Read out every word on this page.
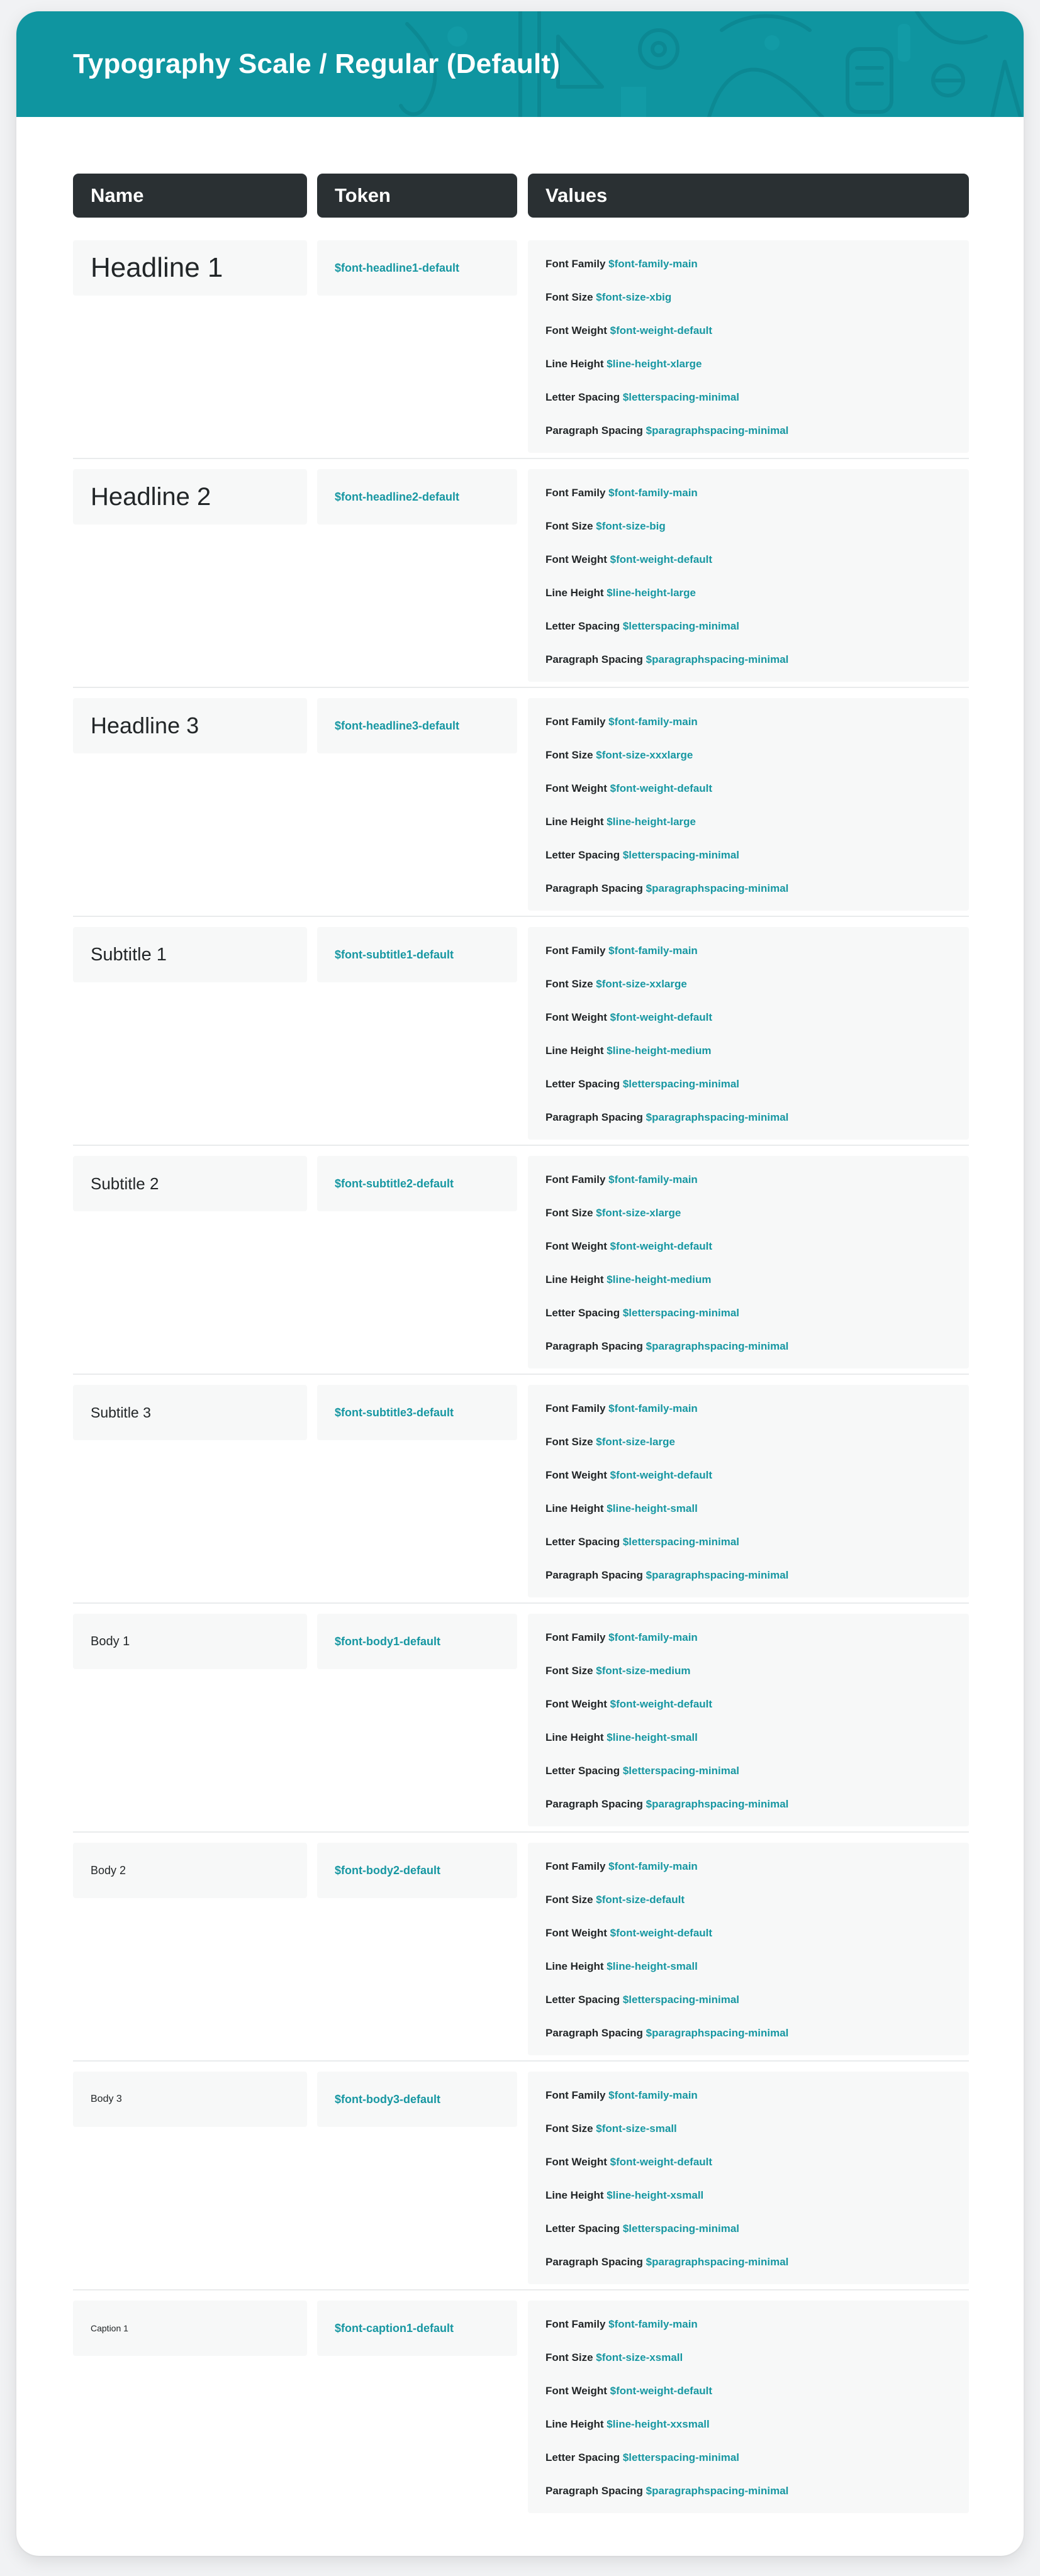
Typography Scale / Regular (Default)
Name	Token	Values
Headline 1	$font-headline1-default	Font Family $font-family-main
Font Size $font-size-xbig
Font Weight $font-weight-default
Line Height $line-height-xlarge
Letter Spacing $letterspacing-minimal
Paragraph Spacing $paragraphspacing-minimal
Headline 2	$font-headline2-default	Font Family $font-family-main
Font Size $font-size-big
Font Weight $font-weight-default
Line Height $line-height-large
Letter Spacing $letterspacing-minimal
Paragraph Spacing $paragraphspacing-minimal
Headline 3	$font-headline3-default	Font Family $font-family-main
Font Size $font-size-xxxlarge
Font Weight $font-weight-default
Line Height $line-height-large
Letter Spacing $letterspacing-minimal
Paragraph Spacing $paragraphspacing-minimal
Subtitle 1	$font-subtitle1-default	Font Family $font-family-main
Font Size $font-size-xxlarge
Font Weight $font-weight-default
Line Height $line-height-medium
Letter Spacing $letterspacing-minimal
Paragraph Spacing $paragraphspacing-minimal
Subtitle 2	$font-subtitle2-default	Font Family $font-family-main
Font Size $font-size-xlarge
Font Weight $font-weight-default
Line Height $line-height-medium
Letter Spacing $letterspacing-minimal
Paragraph Spacing $paragraphspacing-minimal
Subtitle 3	$font-subtitle3-default	Font Family $font-family-main
Font Size $font-size-large
Font Weight $font-weight-default
Line Height $line-height-small
Letter Spacing $letterspacing-minimal
Paragraph Spacing $paragraphspacing-minimal
Body 1	$font-body1-default	Font Family $font-family-main
Font Size $font-size-medium
Font Weight $font-weight-default
Line Height $line-height-small
Letter Spacing $letterspacing-minimal
Paragraph Spacing $paragraphspacing-minimal
Body 2	$font-body2-default	Font Family $font-family-main
Font Size $font-size-default
Font Weight $font-weight-default
Line Height $line-height-small
Letter Spacing $letterspacing-minimal
Paragraph Spacing $paragraphspacing-minimal
Body 3	$font-body3-default	Font Family $font-family-main
Font Size $font-size-small
Font Weight $font-weight-default
Line Height $line-height-xsmall
Letter Spacing $letterspacing-minimal
Paragraph Spacing $paragraphspacing-minimal
Caption 1	$font-caption1-default	Font Family $font-family-main
Font Size $font-size-xsmall
Font Weight $font-weight-default
Line Height $line-height-xxsmall
Letter Spacing $letterspacing-minimal
Paragraph Spacing $paragraphspacing-minimal
